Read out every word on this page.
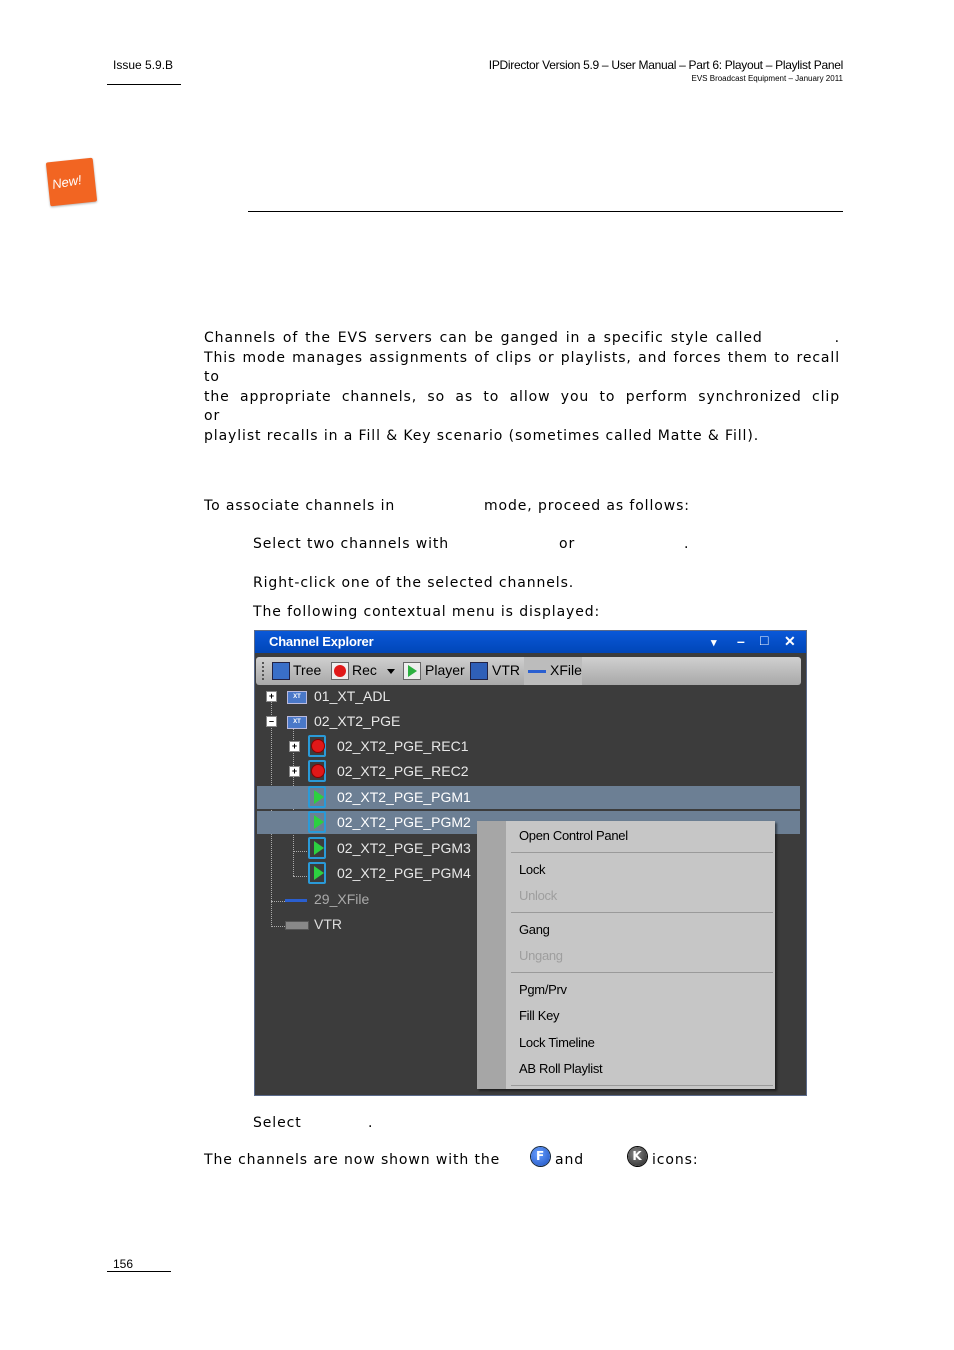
Issue 5.9.B	IPDirector Version 5.9 – User Manual – Part 6: Playout – Playlist Panel
EVS Broadcast Equipment – January 2011
New!
Channels of the EVS servers can be ganged in a specific style called	.
This mode manages assignments of clips or playlists, and forces them to recall to
the appropriate channels, so as to allow you to perform synchronized clip or
playlist recalls in a Fill & Key scenario (sometimes called Matte & Fill).
To associate channels in	mode, proceed as follows:
Select two channels with	or	.
Right-click one of the selected channels.
The following contextual menu is displayed:
Channel Explorer	▾ – □ ✕
Tree Rec	Player VTR XFile
+	XT 01_XT_ADL
–	XT 02_XT2_PGE
+	02_XT2_PGE_REC1
+	02_XT2_PGE_REC2
02_XT2_PGE_PGM1
02_XT2_PGE_PGM2
02_XT2_PGE_PGM3
02_XT2_PGE_PGM4
29_XFile
VTR
Open Control Panel
Lock
Unlock
Gang
Ungang
Pgm/Prv
Fill Key
Lock Timeline
AB Roll Playlist
Select	.
The channels are now shown with the	F and	K icons:
156
